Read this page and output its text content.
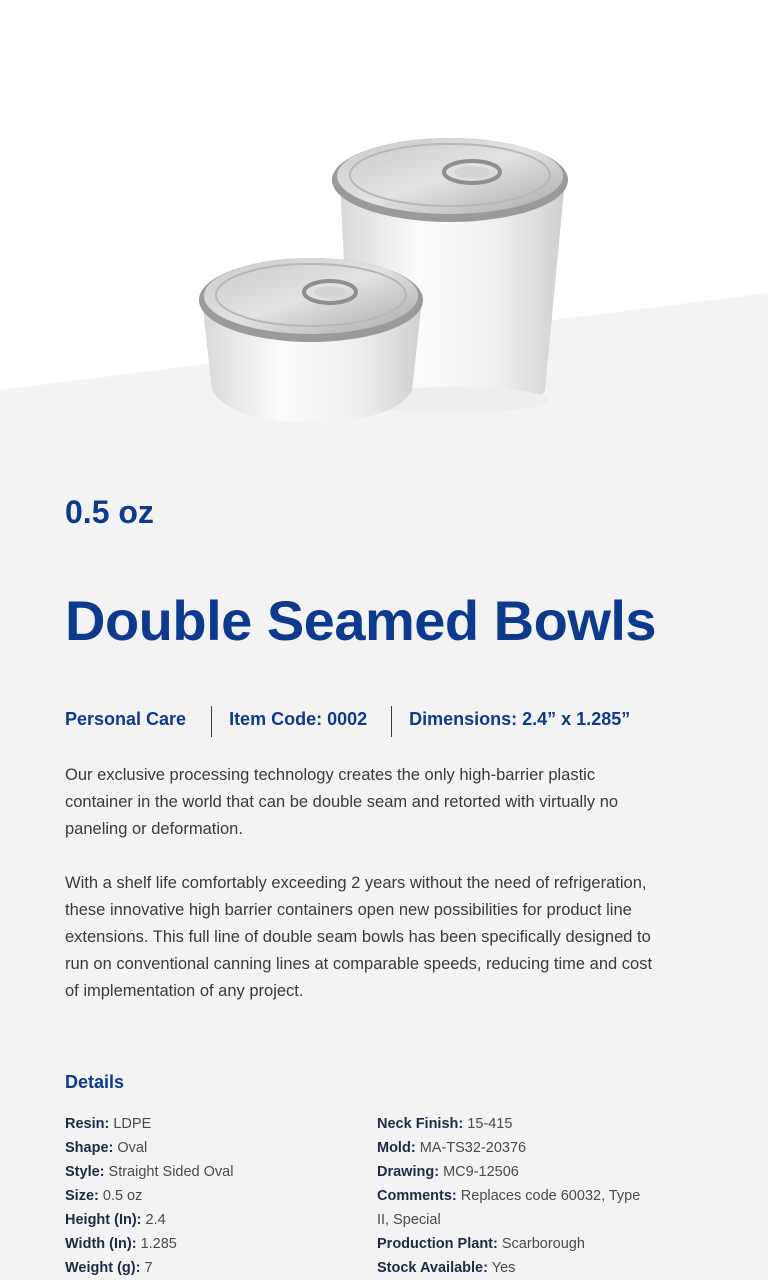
0.5 oz
Double Seamed Bowls
Personal Care Item Code: 0002 Dimensions: 2.4” x 1.285”

Our exclusive processing technology creates the only high-barrier plastic container in the world that can be double seam and retorted with virtually no paneling or deformation.

With a shelf life comfortably exceeding 2 years without the need of refrigeration, these innovative high barrier containers open new possibilities for product line extensions. This full line of double seam bowls has been specifically designed to run on conventional canning lines at comparable speeds, reducing time and cost of implementation of any project.

Details
Resin: LDPE
Shape: Oval
Style: Straight Sided Oval
Size: 0.5 oz
Height (In): 2.4
Width (In): 1.285
Weight (g): 7
Neck Finish: 15-415
Mold: MA-TS32-20376
Drawing: MC9-12506
Comments: Replaces code 60032, Type II, Special
Production Plant: Scarborough
Stock Available: Yes
